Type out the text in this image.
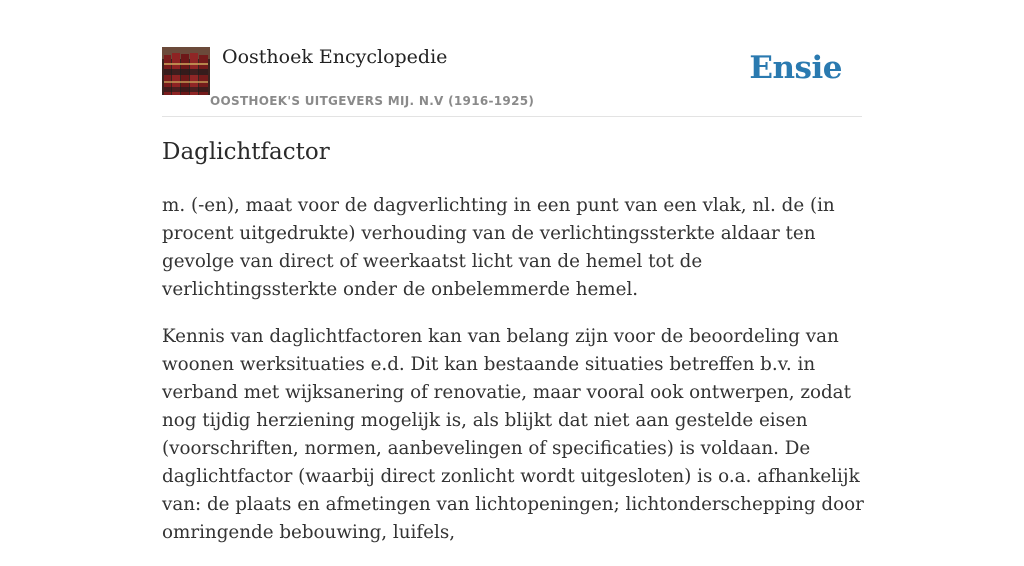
Oosthoek Encyclopedie
OOSTHOEK'S UITGEVERS MIJ. N.V (1916-1925)
Ensie
Daglichtfactor

m. (-en), maat voor de dagverlichting in een punt van een vlak, nl. de (in procent uitgedrukte) verhouding van de verlichtingssterkte aldaar ten gevolge van direct of weerkaatst licht van de hemel tot de verlichtingssterkte onder de onbelemmerde hemel.

Kennis van daglichtfactoren kan van belang zijn voor de beoordeling van woonen werksituaties e.d. Dit kan bestaande situaties betreffen b.v. in verband met wijksanering of renovatie, maar vooral ook ontwerpen, zodat nog tijdig herziening mogelijk is, als blijkt dat niet aan gestelde eisen (voorschriften, normen, aanbevelingen of specificaties) is voldaan. De daglichtfactor (waarbij direct zonlicht wordt uitgesloten) is o.a. afhankelijk van: de plaats en afmetingen van lichtopeningen; lichtonderschepping door omringende bebouwing, luifels,
